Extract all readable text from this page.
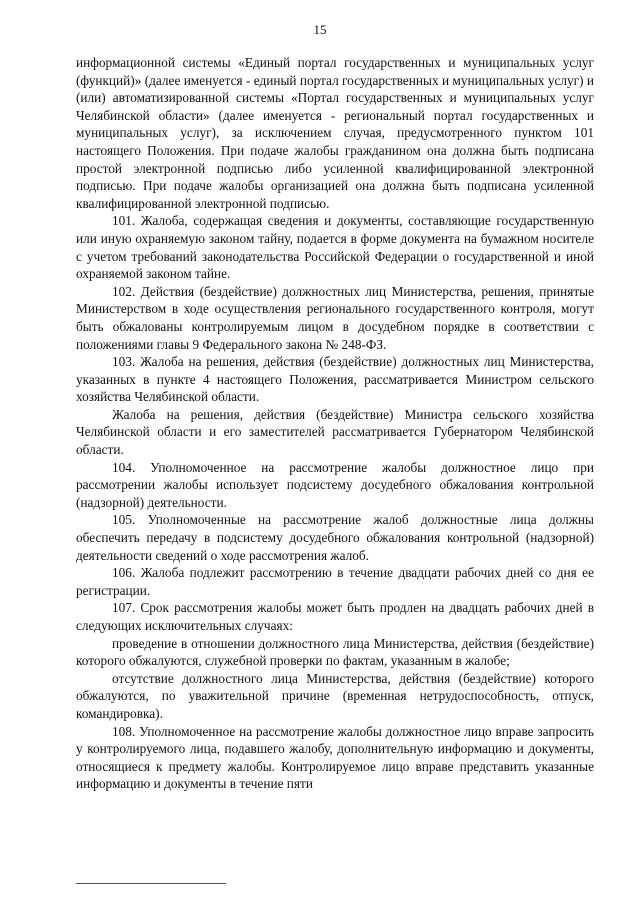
15

информационной системы «Единый портал государственных и муниципальных услуг (функций)» (далее именуется - единый портал государственных и муниципальных услуг) и (или) автоматизированной системы «Портал государственных и муниципальных услуг Челябинской области» (далее именуется - региональный портал государственных и муниципальных услуг), за исключением случая, предусмотренного пунктом 101 настоящего Положения. При подаче жалобы гражданином она должна быть подписана простой электронной подписью либо усиленной квалифицированной электронной подписью. При подаче жалобы организацией она должна быть подписана усиленной квалифицированной электронной подписью.

101. Жалоба, содержащая сведения и документы, составляющие государственную или иную охраняемую законом тайну, подается в форме документа на бумажном носителе с учетом требований законодательства Российской Федерации о государственной и иной охраняемой законом тайне.

102. Действия (бездействие) должностных лиц Министерства, решения, принятые Министерством в ходе осуществления регионального государственного контроля, могут быть обжалованы контролируемым лицом в досудебном порядке в соответствии с положениями главы 9 Федерального закона № 248-ФЗ.

103. Жалоба на решения, действия (бездействие) должностных лиц Министерства, указанных в пункте 4 настоящего Положения, рассматривается Министром сельского хозяйства Челябинской области.

Жалоба на решения, действия (бездействие) Министра сельского хозяйства Челябинской области и его заместителей рассматривается Губернатором Челябинской области.

104. Уполномоченное на рассмотрение жалобы должностное лицо при рассмотрении жалобы использует подсистему досудебного обжалования контрольной (надзорной) деятельности.

105. Уполномоченные на рассмотрение жалоб должностные лица должны обеспечить передачу в подсистему досудебного обжалования контрольной (надзорной) деятельности сведений о ходе рассмотрения жалоб.

106. Жалоба подлежит рассмотрению в течение двадцати рабочих дней со дня ее регистрации.

107. Срок рассмотрения жалобы может быть продлен на двадцать рабочих дней в следующих исключительных случаях:

проведение в отношении должностного лица Министерства, действия (бездействие) которого обжалуются, служебной проверки по фактам, указанным в жалобе;

отсутствие должностного лица Министерства, действия (бездействие) которого обжалуются, по уважительной причине (временная нетрудоспособность, отпуск, командировка).

108. Уполномоченное на рассмотрение жалобы должностное лицо вправе запросить у контролируемого лица, подавшего жалобу, дополнительную информацию и документы, относящиеся к предмету жалобы. Контролируемое лицо вправе представить указанные информацию и документы в течение пяти
